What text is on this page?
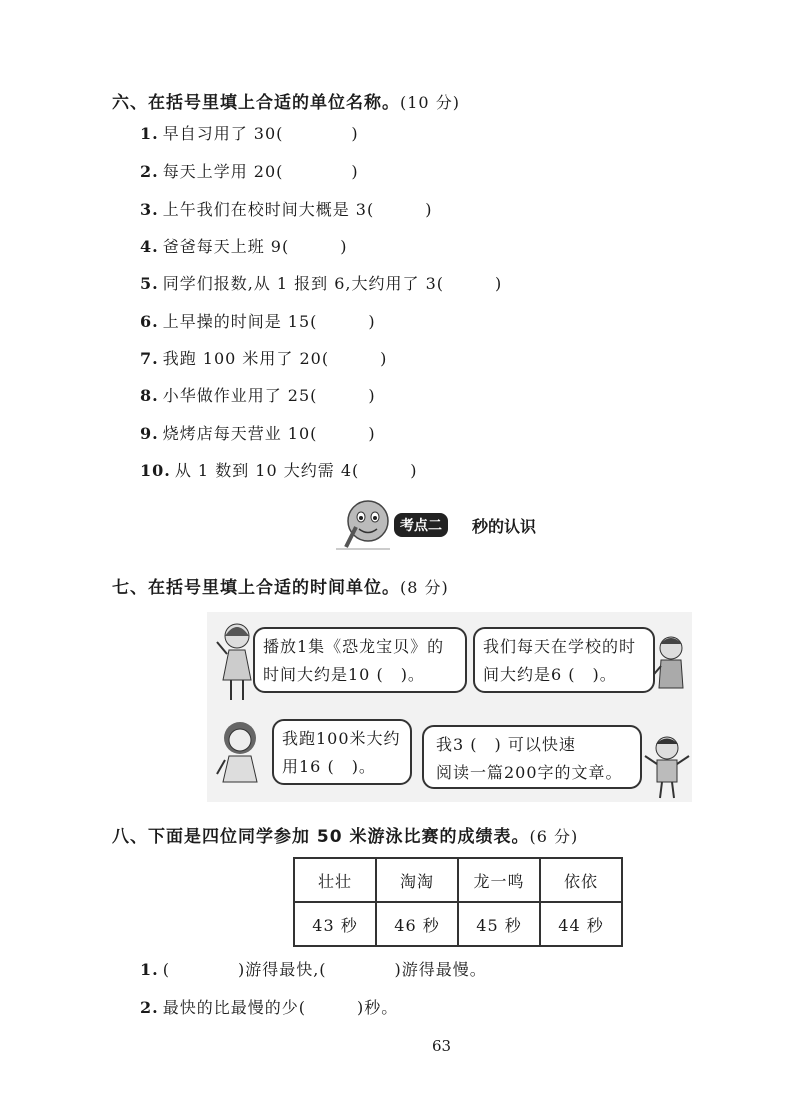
六、在括号里填上合适的单位名称。(10 分)
1. 早自习用了 30(　　　　)
2. 每天上学用 20(　　　　)
3. 上午我们在校时间大概是 3(　　　)
4. 爸爸每天上班 9(　　　)
5. 同学们报数,从 1 报到 6,大约用了 3(　　　)
6. 上早操的时间是 15(　　　)
7. 我跑 100 米用了 20(　　　)
8. 小华做作业用了 25(　　　)
9. 烧烤店每天营业 10(　　　)
10. 从 1 数到 10 大约需 4(　　　)
考点二	秒的认识
七、在括号里填上合适的时间单位。(8 分)
播放1集《恐龙宝贝》的
时间大约是10 (　)。
我们每天在学校的时
间大约是6 (　)。
我跑100米大约
用16 (　)。
我3 (　) 可以快速
阅读一篇200字的文章。
八、下面是四位同学参加 50 米游泳比赛的成绩表。(6 分)
壮壮	淘淘	龙一鸣	依依
43 秒	46 秒	45 秒	44 秒
1. (　　　　)游得最快,(　　　　)游得最慢。
2. 最快的比最慢的少(　　　)秒。
63
